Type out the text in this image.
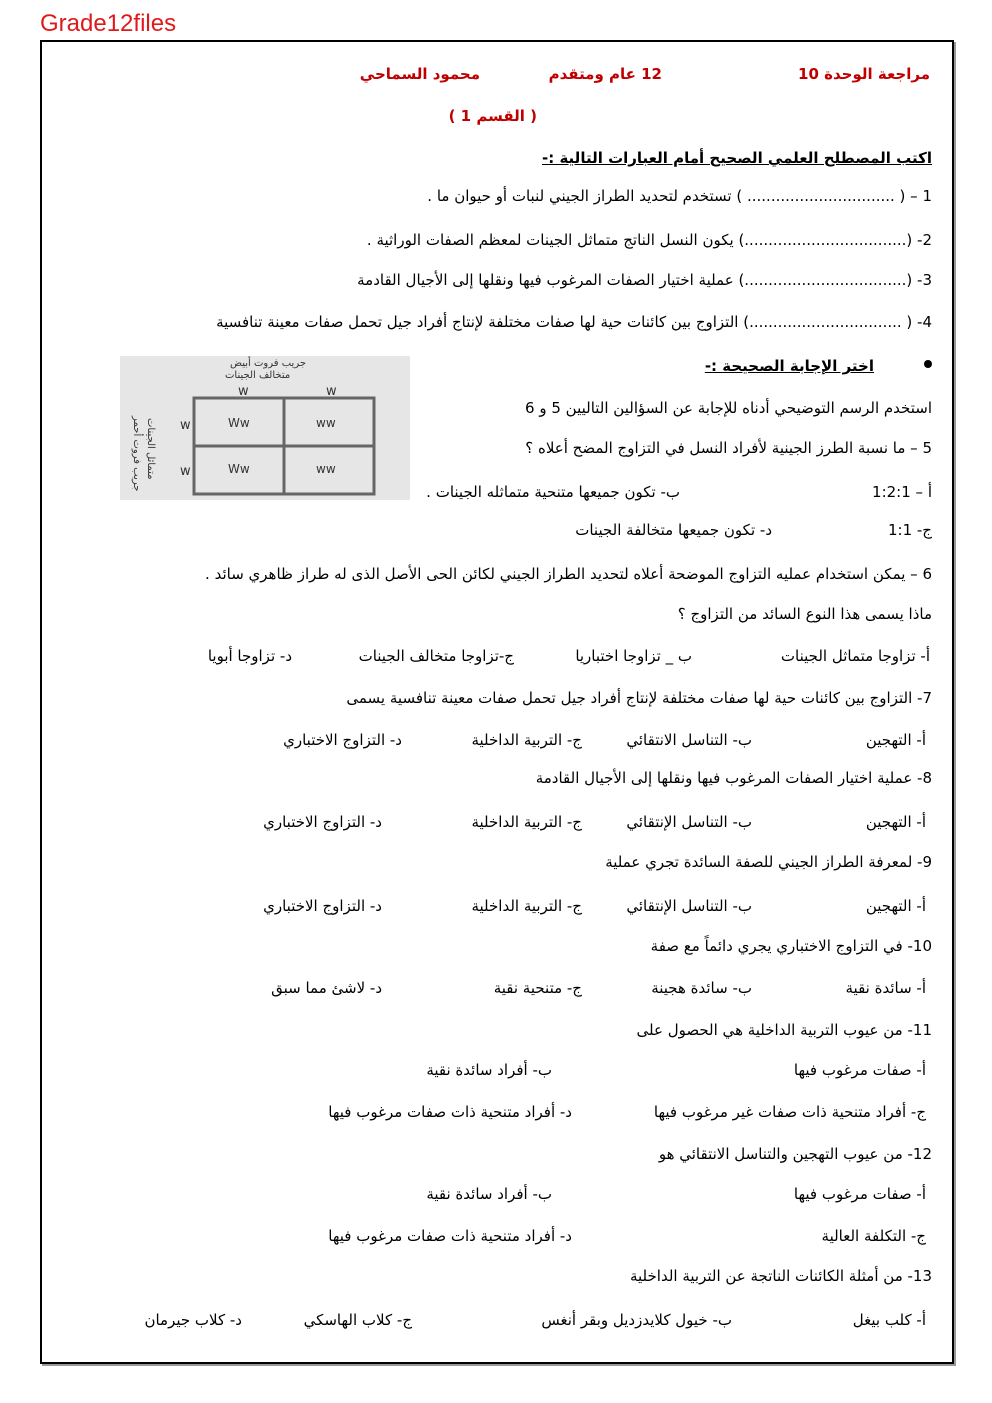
Grade12files
مراجعة الوحدة 10
12 عام ومتقدم
محمود السماحي
( القسم 1 )
اكتب المصطلح العلمي الصحيح أمام العبارات التالية :-
1 – ( ............................... ) تستخدم لتحديد الطراز الجيني لنبات أو حيوان ما .
2- (..................................) يكون النسل الناتج متماثل الجينات لمعظم الصفات الوراثية .
3- (..................................) عملية اختيار الصفات المرغوب فيها ونقلها إلى الأجيال القادمة
4- ( ................................) التزاوج بين كائنات حية لها صفات مختلفة لإنتاج أفراد جيل تحمل صفات معينة تنافسية
اختر الإجابة الصحيحة :-
جريب فروت أبيض
متخالف الجينات
جريب فروت أحمر متماثل الجينات
w	w
w
w
Ww	ww
Ww	ww
استخدم الرسم التوضيحي أدناه للإجابة عن السؤالين التاليين 5 و 6
5 – ما نسبة الطرز الجينية لأفراد النسل في التزاوج المضح أعلاه ؟
أ – 1:2:1
ب- تكون جميعها متنحية متماثله الجينات .
ج- 1:1
د- تكون جميعها متخالفة الجينات
6 – يمكن استخدام عمليه التزاوج الموضحة أعلاه لتحديد الطراز الجيني لكائن الحى الأصل الذى له طراز ظاهري سائد .
ماذا يسمى هذا النوع السائد من التزاوج ؟
أ- تزاوجا متماثل الجينات
ب _ تزاوجا اختباريا
ج-تزاوجا متخالف الجينات
د- تزاوجا أبويا
7- التزاوج بين كائنات حية لها صفات مختلفة لإنتاج أفراد جيل تحمل صفات معينة تنافسية يسمى
أ- التهجين
ب- التناسل الانتقائي
ج- التربية الداخلية
د- التزاوج الاختباري
8- عملية اختيار الصفات المرغوب فيها ونقلها إلى الأجيال القادمة
أ- التهجين
ب- التناسل الإنتقائي
ج- التربية الداخلية
د- التزاوج الاختباري
9- لمعرفة الطراز الجيني للصفة السائدة تجري عملية
أ- التهجين
ب- التناسل الإنتقائي
ج- التربية الداخلية
د- التزاوج الاختباري
10- في التزاوج الاختباري يجري دائماً مع صفة
أ- سائدة نقية
ب- سائدة هجينة
ج- متنحية نقية
د- لاشئ مما سبق
11- من عيوب التربية الداخلية هي الحصول على
أ- صفات مرغوب فيها
ب- أفراد سائدة نقية
ج- أفراد متنحية ذات صفات غير مرغوب فيها
د- أفراد متنحية ذات صفات مرغوب فيها
12- من عيوب التهجين والتناسل الانتقائي هو
أ- صفات مرغوب فيها
ب- أفراد سائدة نقية
ج- التكلفة العالية
د- أفراد متنحية ذات صفات مرغوب فيها
13- من أمثلة الكائنات الناتجة عن التربية الداخلية
أ- كلب بيغل
ب- خيول كلايدزديل وبقر أنغس
ج- كلاب الهاسكي
د- كلاب جيرمان
